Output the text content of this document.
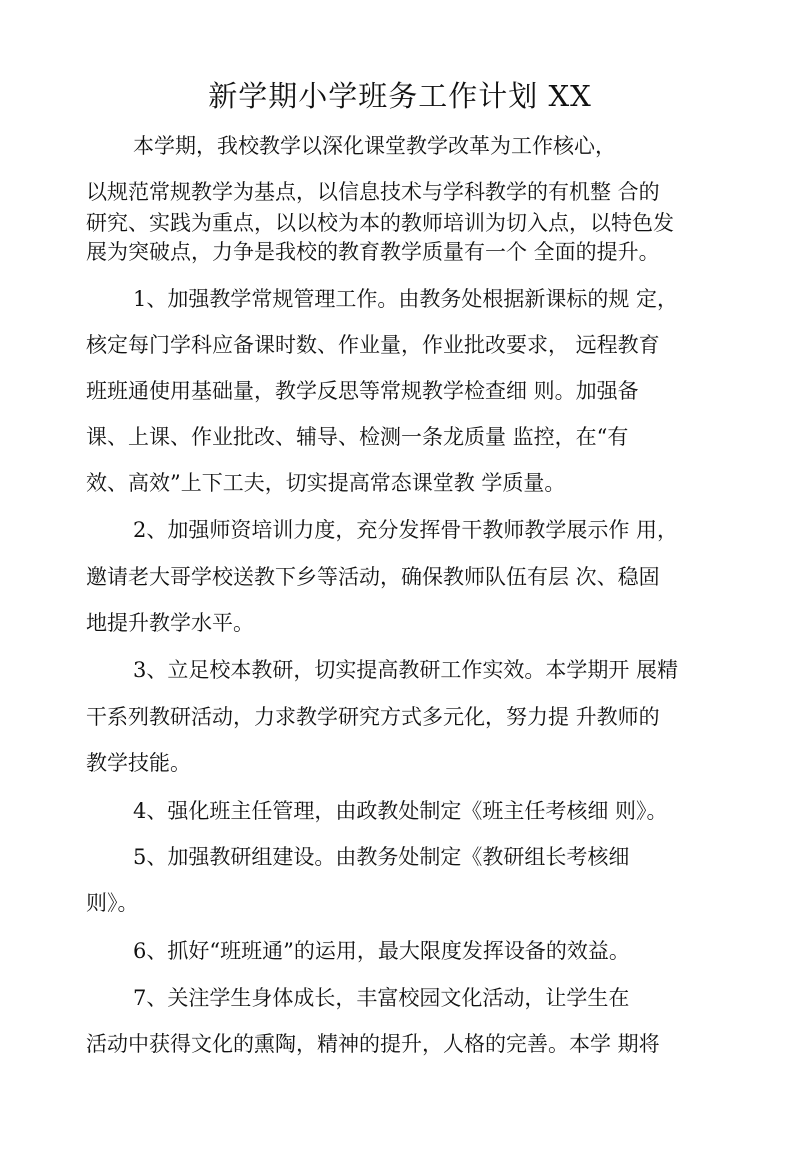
新学期小学班务工作计划 XX
本学期，我校教学以深化课堂教学改革为工作核心，
以规范常规教学为基点，以信息技术与学科教学的有机整 合的
研究、实践为重点，以以校为本的教师培训为切入点，以特色发
展为突破点，力争是我校的教育教学质量有一个 全面的提升。
1、加强教学常规管理工作。由教务处根据新课标的规 定，
核定每门学科应备课时数、作业量，作业批改要求， 远程教育
班班通使用基础量，教学反思等常规教学检查细 则。加强备
课、上课、作业批改、辅导、检测一条龙质量 监控，在“有
效、高效”上下工夫，切实提高常态课堂教 学质量。
2、加强师资培训力度，充分发挥骨干教师教学展示作 用，
邀请老大哥学校送教下乡等活动，确保教师队伍有层 次、稳固
地提升教学水平。
3、立足校本教研，切实提高教研工作实效。本学期开 展精
干系列教研活动，力求教学研究方式多元化，努力提 升教师的
教学技能。
4、强化班主任管理，由政教处制定《班主任考核细 则》。
5、加强教研组建设。由教务处制定《教研组长考核细
则》。
6、抓好“班班通”的运用，最大限度发挥设备的效益。
7、关注学生身体成长，丰富校园文化活动，让学生在
活动中获得文化的熏陶，精神的提升，人格的完善。本学 期将
